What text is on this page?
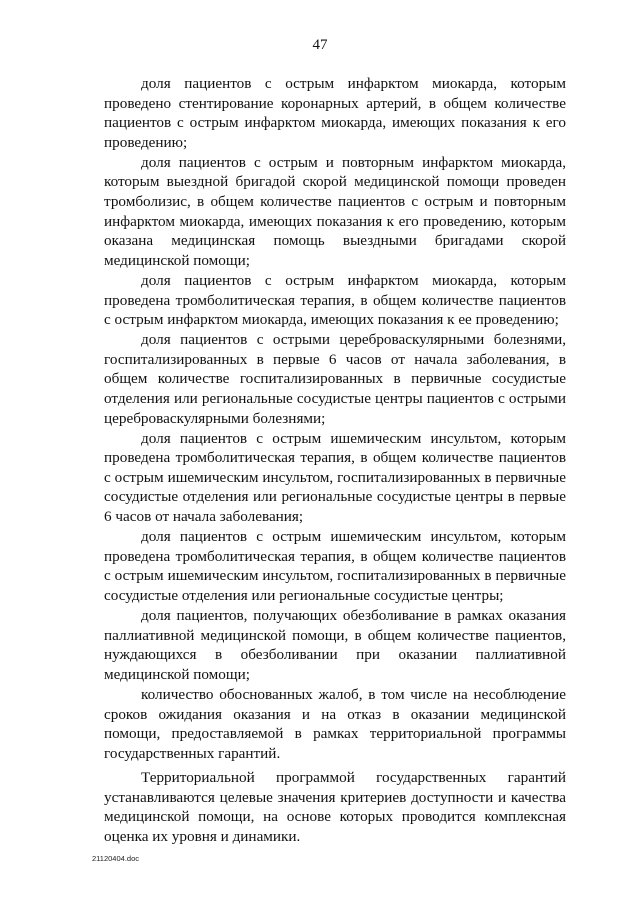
47

доля пациентов с острым инфарктом миокарда, которым проведено стентирование коронарных артерий, в общем количестве пациентов с острым инфарктом миокарда, имеющих показания к его проведению;

доля пациентов с острым и повторным инфарктом миокарда, которым выездной бригадой скорой медицинской помощи проведен тромболизис, в общем количестве пациентов с острым и повторным инфарктом миокарда, имеющих показания к его проведению, которым оказана медицинская помощь выездными бригадами скорой медицинской помощи;

доля пациентов с острым инфарктом миокарда, которым проведена тромболитическая терапия, в общем количестве пациентов с острым инфарктом миокарда, имеющих показания к ее проведению;

доля пациентов с острыми цереброваскулярными болезнями, госпитализированных в первые 6 часов от начала заболевания, в общем количестве госпитализированных в первичные сосудистые отделения или региональные сосудистые центры пациентов с острыми цереброваскулярными болезнями;

доля пациентов с острым ишемическим инсультом, которым проведена тромболитическая терапия, в общем количестве пациентов с острым ишемическим инсультом, госпитализированных в первичные сосудистые отделения или региональные сосудистые центры в первые 6 часов от начала заболевания;

доля пациентов с острым ишемическим инсультом, которым проведена тромболитическая терапия, в общем количестве пациентов с острым ишемическим инсультом, госпитализированных в первичные сосудистые отделения или региональные сосудистые центры;

доля пациентов, получающих обезболивание в рамках оказания паллиативной медицинской помощи, в общем количестве пациентов, нуждающихся в обезболивании при оказании паллиативной медицинской помощи;

количество обоснованных жалоб, в том числе на несоблюдение сроков ожидания оказания и на отказ в оказании медицинской помощи, предоставляемой в рамках территориальной программы государственных гарантий.

Территориальной программой государственных гарантий устанавливаются целевые значения критериев доступности и качества медицинской помощи, на основе которых проводится комплексная оценка их уровня и динамики.

21120404.doc
